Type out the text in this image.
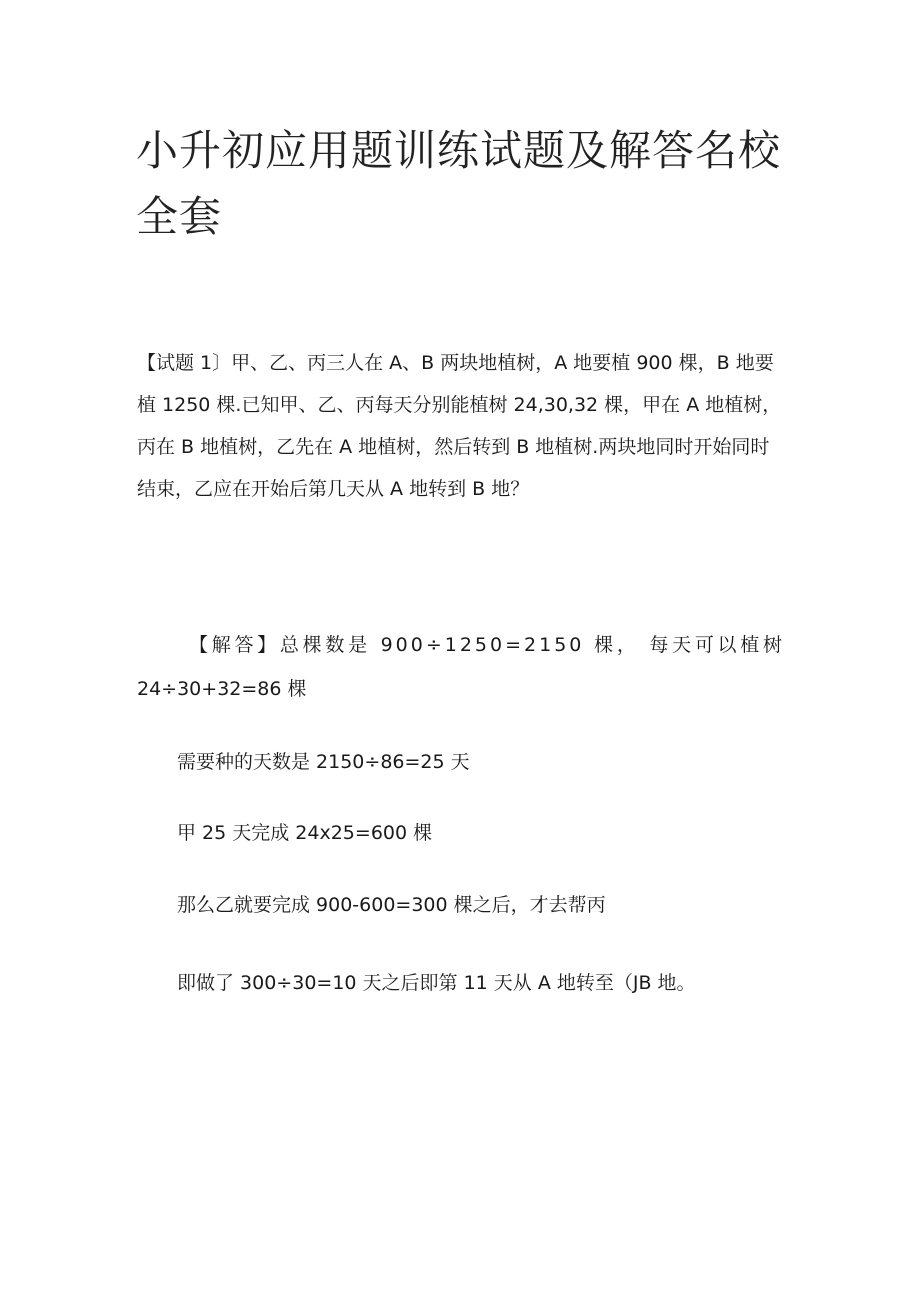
小升初应用题训练试题及解答名校全套

【试题 1〕甲、乙、丙三人在 A、B 两块地植树，A 地要植 900 棵，B 地要植 1250 棵.已知甲、乙、丙每天分别能植树 24,30,32 棵，甲在 A 地植树，丙在 B 地植树，乙先在 A 地植树，然后转到 B 地植树.两块地同时开始同时结束，乙应在开始后第几天从 A 地转到 B 地？

【解答】总棵数是 900÷1250=2150 棵， 每天可以植树
24÷30+32=86 棵

需要种的天数是 2150÷86=25 天

甲 25 天完成 24x25=600 棵

那么乙就要完成 900-600=300 棵之后，才去帮丙

即做了 300÷30=10 天之后即第 11 天从 A 地转至（JB 地。
